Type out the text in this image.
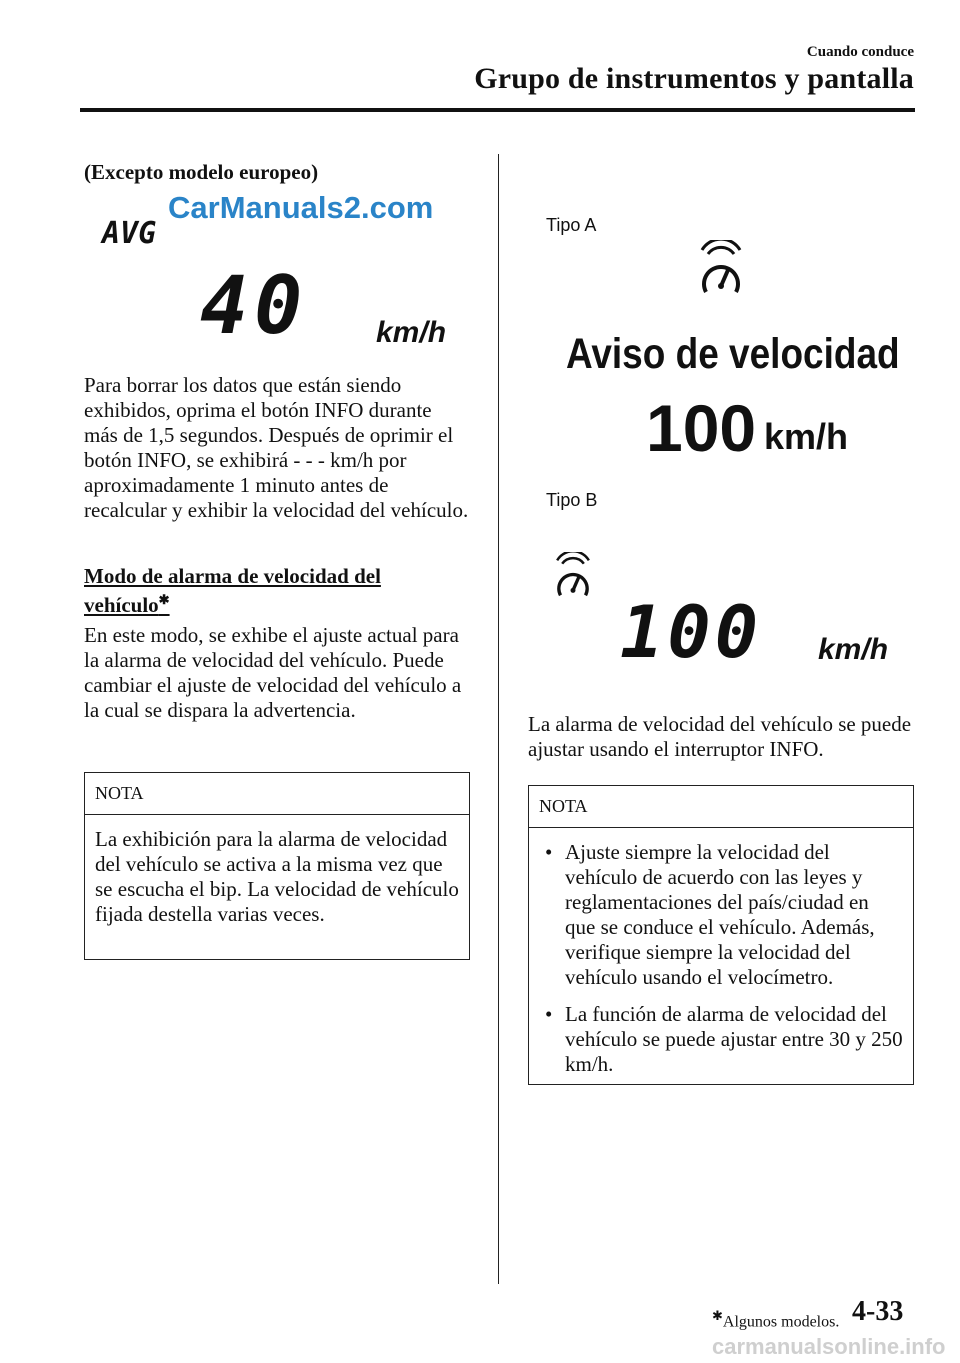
Cuando conduce
Grupo de instrumentos y pantalla
(Excepto modelo europeo)
AVG
CarManuals2.com
40 km/h
Para borrar los datos que están siendo exhibidos, oprima el botón INFO durante más de 1,5 segundos. Después de oprimir el botón INFO, se exhibirá - - - km/h por aproximadamente 1 minuto antes de recalcular y exhibir la velocidad del vehículo.
Modo de alarma de velocidad del vehículo✱
En este modo, se exhibe el ajuste actual para la alarma de velocidad del vehículo. Puede cambiar el ajuste de velocidad del vehículo a la cual se dispara la advertencia.
NOTA
La exhibición para la alarma de velocidad del vehículo se activa a la misma vez que se escucha el bip. La velocidad de vehículo fijada destella varias veces.
Tipo A
Aviso de velocidad
100 km/h
Tipo B
100 km/h
La alarma de velocidad del vehículo se puede ajustar usando el interruptor INFO.
NOTA
• Ajuste siempre la velocidad del vehículo de acuerdo con las leyes y reglamentaciones del país/ciudad en que se conduce el vehículo. Además, verifique siempre la velocidad del vehículo usando el velocímetro.
• La función de alarma de velocidad del vehículo se puede ajustar entre 30 y 250 km/h.
✱Algunos modelos. 4-33
carmanualsonline.info
